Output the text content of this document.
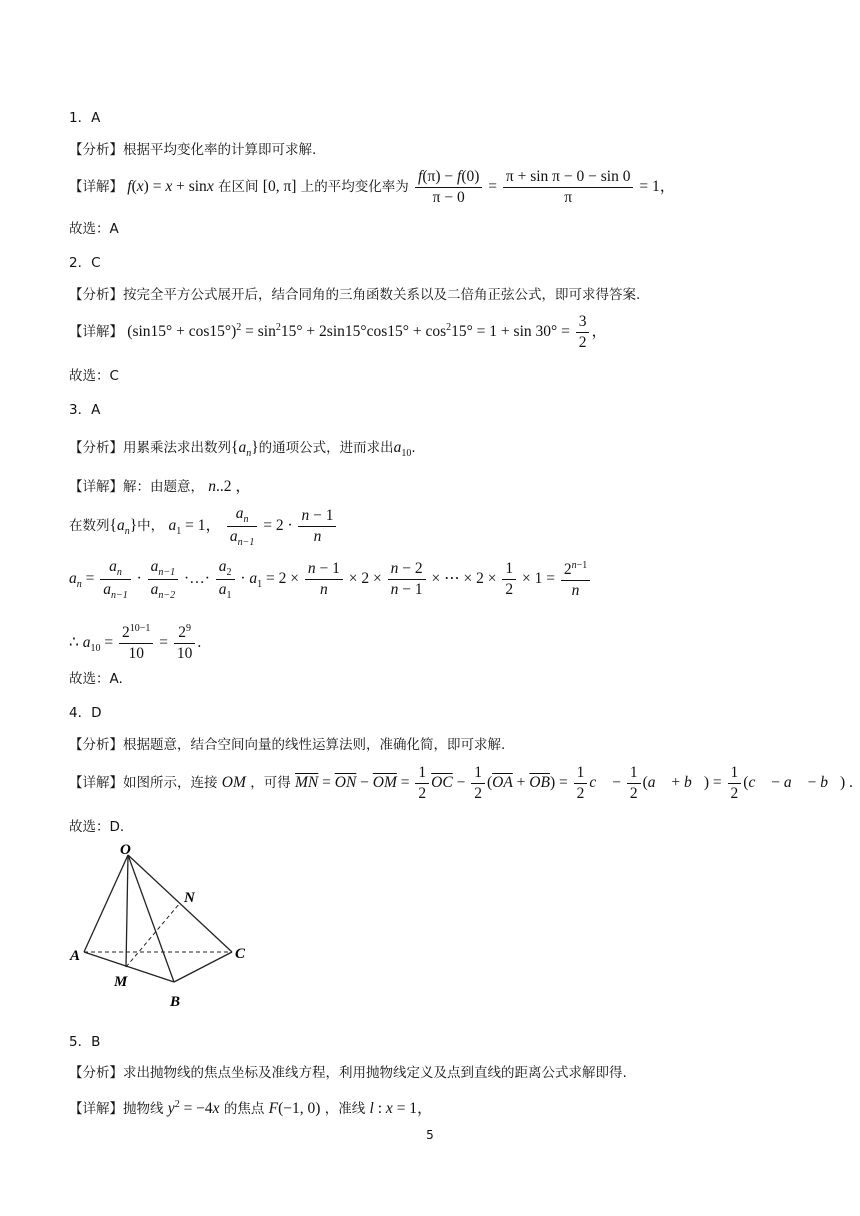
1．A
【分析】根据平均变化率的计算即可求解.
【详解】 f(x) = x + sinx 在区间 [0, π] 上的平均变化率为 $\frac{f(\pi) - f(0)}{\pi - 0} = \frac{\text{π + sin π − 0 − sin 0}}{\pi} = 1$，
故选：A
2．C
【分析】按完全平方公式展开后，结合同角的三角函数关系以及二倍角正弦公式，即可求得答案.
【详解】 $(\sin 15^\circ + \cos 15^\circ)^2 = \sin^215^\circ + 2\sin 15^\circ\cos 15^\circ + \cos^215^\circ = 1 + \sin 30^\circ = \frac{3}{2}$ ，
故选：C
3．A
【分析】用累乘法求出数列$\{a_n\}$的通项公式，进而求出$a_{10}$.
【详解】解：由题意， n..2 ，
在数列$\{a_n\}$中， $a_1 = 1$， $\frac{a_n}{a_{n-1}} = 2 \cdot \frac{n - 1}{n}$
$a_n = \frac{a_n}{a_{n-1}} \cdot \frac{a_{n-1}}{a_{n-2}}$ ·…· $\frac{a_2}{a_1} \cdot a_1 = 2 \times \frac{n - 1}{n} \times 2 \times \frac{n - 2}{n - 1}$ × ⋯ × $2 \times \frac{1}{2} \times 1 = \frac{2^{n-1}}{n}$
∴ $a_{10} = \frac{2^{10-1}}{10} = \frac{2^9}{10}$ .
故选：A.
4．D
【分析】根据题意，结合空间向量的线性运算法则，准确化简，即可求解.
【详解】如图所示，连接 OM ，可得 $\overline{MN} = \overline{ON} - \overline{OM} = \frac{1}{2} \overline{OC} - \frac{1}{2} (\overline{OA} + \overline{OB}) = \frac{1}{2}$ c⃗ − $\frac{1}{2}$ (a⃗ + b⃗) = $\frac{1}{2}$ (c⃗ − a⃗ − b⃗) .
故选：D.
O
N
A	C
M
B
5．B
【分析】求出抛物线的焦点坐标及准线方程，利用抛物线定义及点到直线的距离公式求解即得.
【详解】抛物线 $y^2 = -4x$ 的焦点 F(−1, 0) ，准线 l : x = 1，
5
